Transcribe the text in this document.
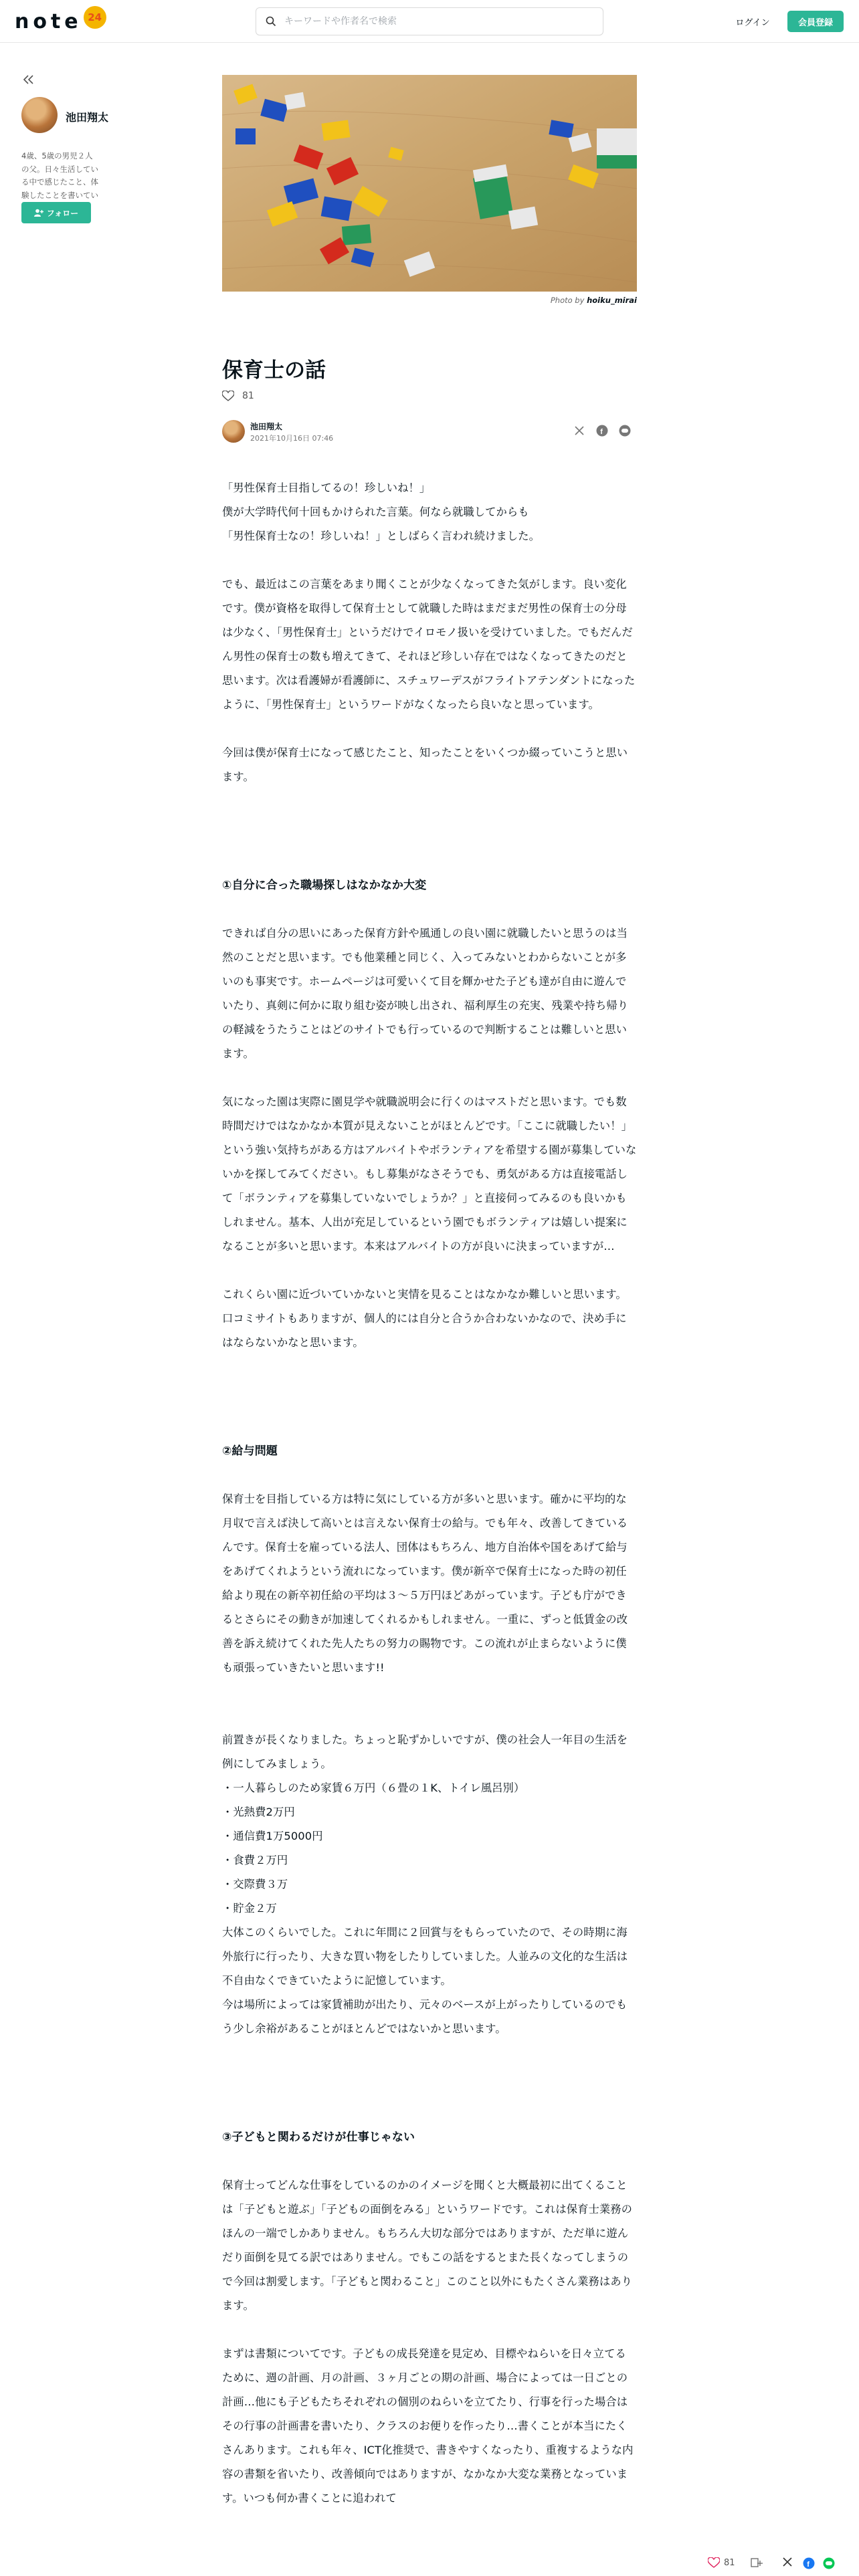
note 24
キーワードや作者名で検索	ログイン	会員登録
池田翔太
4歳、5歳の男児２人の父。日々生活している中で感じたこと、体験したことを書いてい
フォロー
Photo by hoiku_mirai
保育士の話
81
池田翔太
2021年10月16日 07:46
f

「男性保育士目指してるの！珍しいね！」

僕が大学時代何十回もかけられた言葉。何なら就職してからも

「男性保育士なの！珍しいね！」としばらく言われ続けました。

でも、最近はこの言葉をあまり聞くことが少なくなってきた気がします。良い変化です。僕が資格を取得して保育士として就職した時はまだまだ男性の保育士の分母は少なく、「男性保育士」というだけでイロモノ扱いを受けていました。でもだんだん男性の保育士の数も増えてきて、それほど珍しい存在ではなくなってきたのだと思います。次は看護婦が看護師に、スチュワーデスがフライトアテンダントになったように、「男性保育士」というワードがなくなったら良いなと思っています。

今回は僕が保育士になって感じたこと、知ったことをいくつか綴っていこうと思います。

①自分に合った職場探しはなかなか大変

できれば自分の思いにあった保育方針や風通しの良い園に就職したいと思うのは当然のことだと思います。でも他業種と同じく、入ってみないとわからないことが多いのも事実です。ホームページは可愛いくて目を輝かせた子ども達が自由に遊んでいたり、真剣に何かに取り組む姿が映し出され、福利厚生の充実、残業や持ち帰りの軽減をうたうことはどのサイトでも行っているので判断することは難しいと思います。

気になった園は実際に園見学や就職説明会に行くのはマストだと思います。でも数時間だけではなかなか本質が見えないことがほとんどです。「ここに就職したい！」という強い気持ちがある方はアルバイトやボランティアを希望する園が募集していないかを探してみてください。もし募集がなさそうでも、勇気がある方は直接電話して「ボランティアを募集していないでしょうか？」と直接伺ってみるのも良いかもしれません。基本、人出が充足しているという園でもボランティアは嬉しい提案になることが多いと思います。本来はアルバイトの方が良いに決まっていますが…

これくらい園に近づいていかないと実情を見ることはなかなか難しいと思います。口コミサイトもありますが、個人的には自分と合うか合わないかなので、決め手にはならないかなと思います。

②給与問題

保育士を目指している方は特に気にしている方が多いと思います。確かに平均的な月収で言えば決して高いとは言えない保育士の給与。でも年々、改善してきているんです。保育士を雇っている法人、団体はもちろん、地方自治体や国をあげて給与をあげてくれようという流れになっています。僕が新卒で保育士になった時の初任給より現在の新卒初任給の平均は３〜５万円ほどあがっています。子ども庁ができるとさらにその動きが加速してくれるかもしれません。一重に、ずっと低賃金の改善を訴え続けてくれた先人たちの努力の賜物です。この流れが止まらないように僕も頑張っていきたいと思います!!

前置きが長くなりました。ちょっと恥ずかしいですが、僕の社会人一年目の生活を例にしてみましょう。

・一人暮らしのため家賃６万円（６畳の１K、トイレ風呂別）

・光熱費2万円

・通信費1万5000円

・食費２万円

・交際費３万

・貯金２万

大体このくらいでした。これに年間に２回賞与をもらっていたので、その時期に海外旅行に行ったり、大きな買い物をしたりしていました。人並みの文化的な生活は不自由なくできていたように記憶しています。

今は場所によっては家賃補助が出たり、元々のベースが上がったりしているのでもう少し余裕があることがほとんどではないかと思います。

③子どもと関わるだけが仕事じゃない

保育士ってどんな仕事をしているのかのイメージを聞くと大概最初に出てくることは「子どもと遊ぶ」「子どもの面倒をみる」というワードです。これは保育士業務のほんの一端でしかありません。もちろん大切な部分ではありますが、ただ単に遊んだり面倒を見てる訳ではありません。でもこの話をするとまた長くなってしまうので今回は割愛します。「子どもと関わること」このこと以外にもたくさん業務はあります。

まずは書類についてです。子どもの成長発達を見定め、目標やねらいを日々立てるために、週の計画、月の計画、３ヶ月ごとの期の計画、場合によっては一日ごとの計画…他にも子どもたちそれぞれの個別のねらいを立てたり、行事を行った場合はその行事の計画書を書いたり、クラスのお便りを作ったり…書くことが本当にたくさんあります。これも年々、ICT化推奨で、書きやすくなったり、重複するような内容の書類を省いたり、改善傾向ではありますが、なかなか大変な業務となっています。いつも何か書くことに追われて

81	f
